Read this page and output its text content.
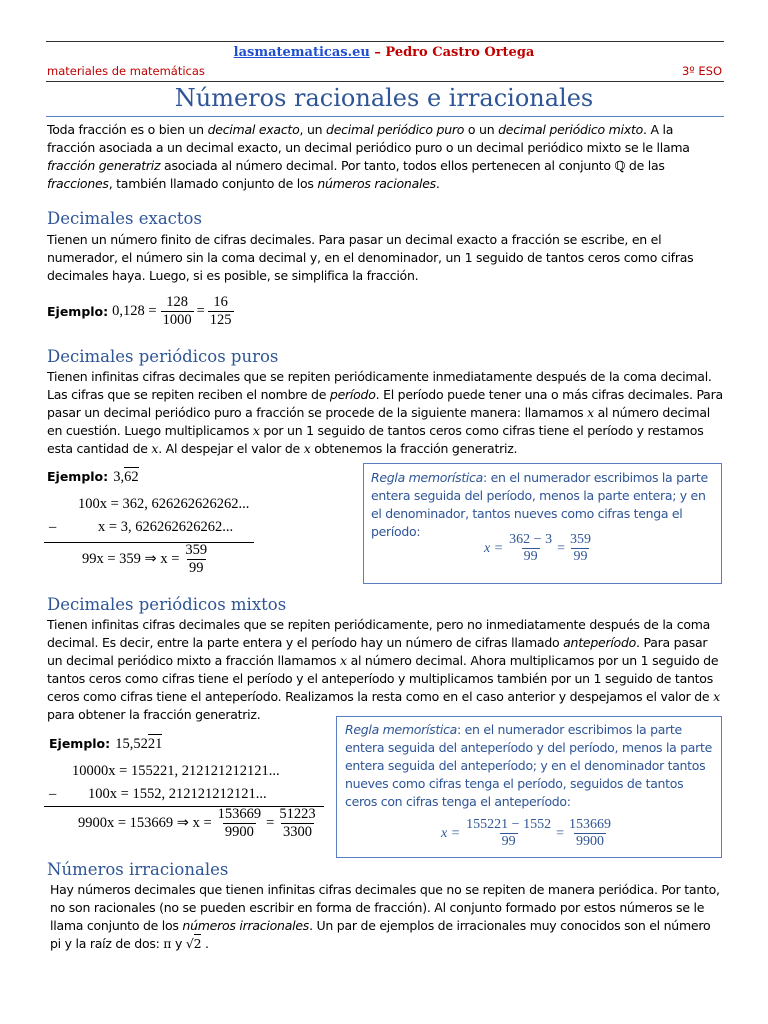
lasmatematicas.eu – Pedro Castro Ortega
materiales de matemáticas	3º ESO
Números racionales e irracionales
Toda fracción es o bien un decimal exacto, un decimal periódico puro o un decimal periódico mixto. A la fracción asociada a un decimal exacto, un decimal periódico puro o un decimal periódico mixto se le llama fracción generatriz asociada al número decimal. Por tanto, todos ellos pertenecen al conjunto ℚ de las fracciones, también llamado conjunto de los números racionales.
Decimales exactos
Tienen un número finito de cifras decimales. Para pasar un decimal exacto a fracción se escribe, en el numerador, el número sin la coma decimal y, en el denominador, un 1 seguido de tantos ceros como cifras decimales haya. Luego, si es posible, se simplifica la fracción.
Ejemplo: $0,128 = \frac{128}{1000} = \frac{16}{125}$
Decimales periódicos puros
Tienen infinitas cifras decimales que se repiten periódicamente inmediatamente después de la coma decimal. Las cifras que se repiten reciben el nombre de período. El período puede tener una o más cifras decimales. Para pasar un decimal periódico puro a fracción se procede de la siguiente manera: llamamos x al número decimal en cuestión. Luego multiplicamos x por un 1 seguido de tantos ceros como cifras tiene el período y restamos esta cantidad de x. Al despejar el valor de x obtenemos la fracción generatriz.
Ejemplo: 3,62
100x = 362, 626262626262...
–	x = 3, 626262626262...
99x = 359 ⇒ $x = \frac{359}{99}$
Regla memorística: en el numerador escribimos la parte entera seguida del período, menos la parte entera; y en el denominador, tantos nueves como cifras tenga el período:
$x = \frac{362 - 3}{99} = \frac{359}{99}$
Decimales periódicos mixtos
Tienen infinitas cifras decimales que se repiten periódicamente, pero no inmediatamente después de la coma decimal. Es decir, entre la parte entera y el período hay un número de cifras llamado anteperíodo. Para pasar un decimal periódico mixto a fracción llamamos x al número decimal. Ahora multiplicamos por un 1 seguido de tantos ceros como cifras tiene el período y el anteperíodo y multiplicamos también por un 1 seguido de tantos ceros como cifras tiene el anteperíodo. Realizamos la resta como en el caso anterior y despejamos el valor de x para obtener la fracción generatriz.
Ejemplo: 15,5221
10000x = 155221, 212121212121...
– 100x = 1552, 212121212121...
9900x = 153669 ⇒ $x = \frac{153669}{9900} = \frac{51223}{3300}$
Regla memorística: en el numerador escribimos la parte entera seguida del anteperíodo y del período, menos la parte entera seguida del anteperíodo; y en el denominador tantos nueves como cifras tenga el período, seguidos de tantos ceros con cifras tenga el anteperíodo:
$x = \frac{155221 - 1552}{99} = \frac{153669}{9900}$
Números irracionales
Hay números decimales que tienen infinitas cifras decimales que no se repiten de manera periódica. Por tanto, no son racionales (no se pueden escribir en forma de fracción). Al conjunto formado por estos números se le llama conjunto de los números irracionales. Un par de ejemplos de irracionales muy conocidos son el número pi y la raíz de dos: π y √2 .
